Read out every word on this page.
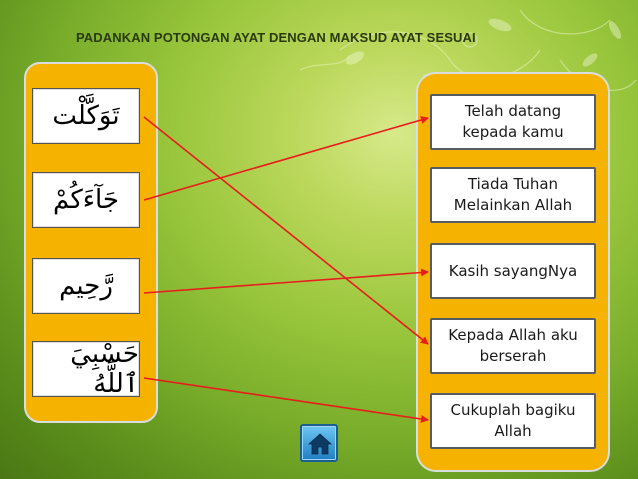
PADANKAN POTONGAN AYAT DENGAN MAKSUD AYAT SESUAI
تَوَكَّلْت
جَآءَكُمْ
رَّحِيم
حَسْبِيَ ٱللَّهُ
Telah datang
kepada kamu
Tiada Tuhan
Melainkan Allah
Kasih sayangNya
Kepada Allah aku
berserah
Cukuplah bagiku
Allah
